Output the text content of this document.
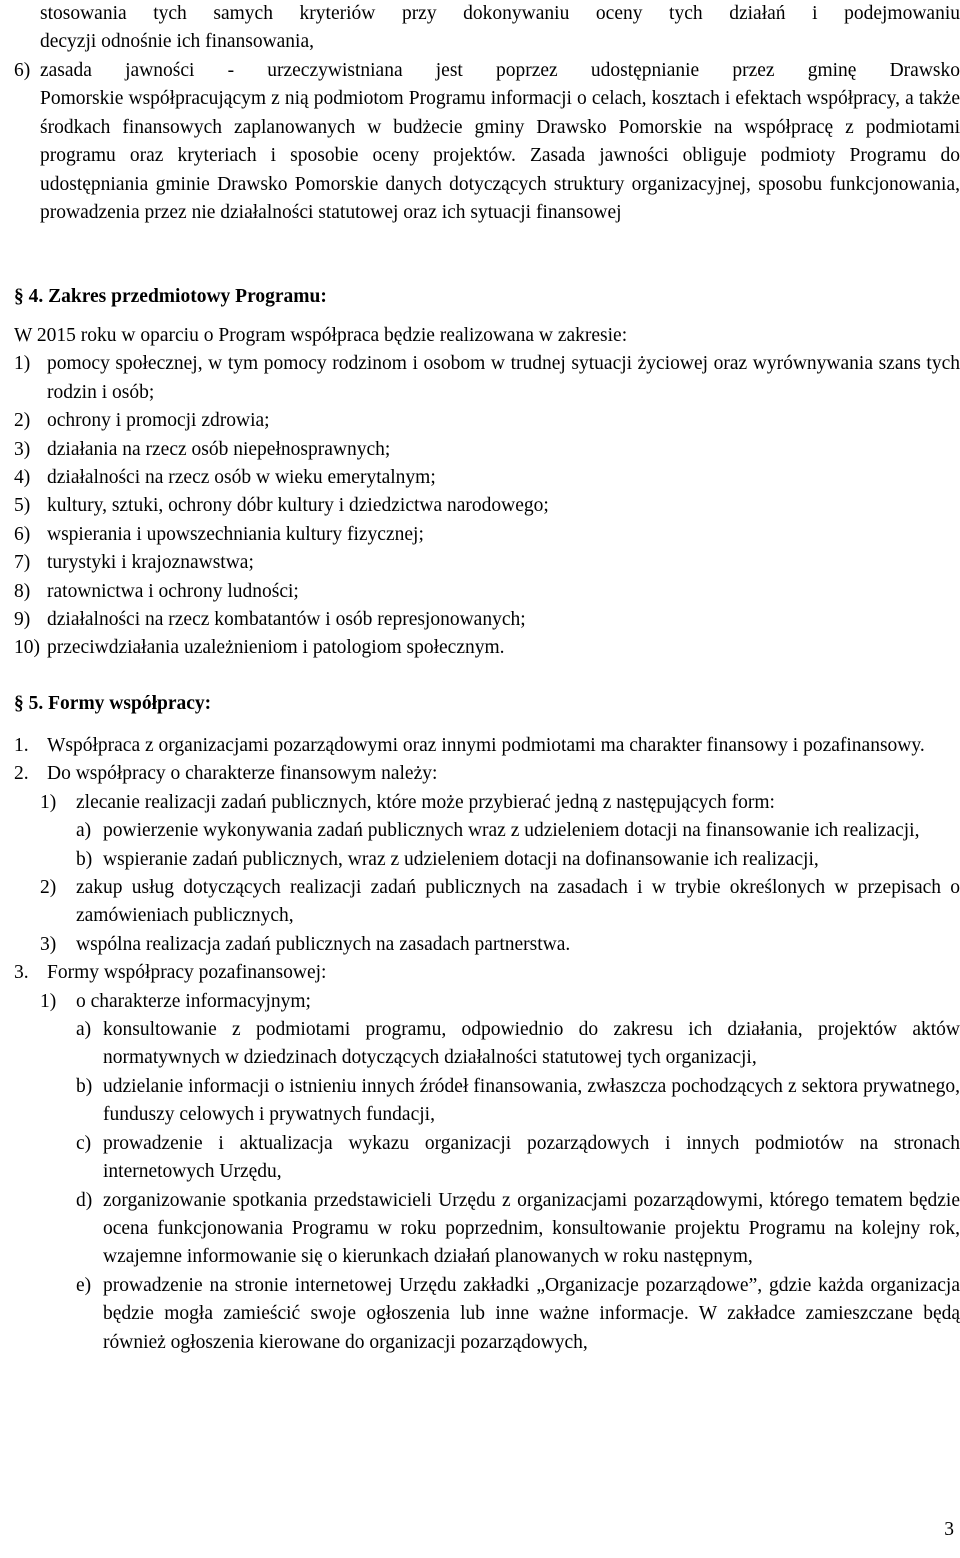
stosowania tych samych kryteriów przy dokonywaniu oceny tych działań i podejmowaniu

decyzji odnośnie ich finansowania,

6) zasada jawności - urzeczywistniana jest poprzez udostępnianie przez gminę Drawsko

Pomorskie współpracującym z nią podmiotom Programu informacji o celach, kosztach i efektach współpracy, a także środkach finansowych zaplanowanych w budżecie gminy Drawsko Pomorskie na współpracę z podmiotami programu oraz kryteriach i sposobie oceny projektów. Zasada jawności obliguje podmioty Programu do udostępniania gminie Drawsko Pomorskie danych dotyczących struktury organizacyjnej, sposobu funkcjonowania, prowadzenia przez nie działalności statutowej oraz ich sytuacji finansowej

§ 4. Zakres przedmiotowy Programu:

W 2015 roku w oparciu o Program współpraca będzie realizowana w zakresie:

1) pomocy społecznej, w tym pomocy rodzinom i osobom w trudnej sytuacji życiowej oraz wyrównywania szans tych rodzin i osób;

2) ochrony i promocji zdrowia;

3) działania na rzecz osób niepełnosprawnych;

4) działalności na rzecz osób w wieku emerytalnym;

5) kultury, sztuki, ochrony dóbr kultury i dziedzictwa narodowego;

6) wspierania i upowszechniania kultury fizycznej;

7) turystyki i krajoznawstwa;

8) ratownictwa i ochrony ludności;

9) działalności na rzecz kombatantów i osób represjonowanych;

10) przeciwdziałania uzależnieniom i patologiom społecznym.

§ 5. Formy współpracy:

1. Współpraca z organizacjami pozarządowymi oraz innymi podmiotami ma charakter finansowy i pozafinansowy.

2. Do współpracy o charakterze finansowym należy:

1)	zlecanie realizacji zadań publicznych, które może przybierać jedną z następujących form:

a) powierzenie wykonywania zadań publicznych wraz z udzieleniem dotacji na finansowanie ich realizacji,

b) wspieranie zadań publicznych, wraz z udzieleniem dotacji na dofinansowanie ich realizacji,

2)	zakup usług dotyczących realizacji zadań publicznych na zasadach i w trybie określonych w przepisach o zamówieniach publicznych,

3)	wspólna realizacja zadań publicznych na zasadach partnerstwa.

3. Formy współpracy pozafinansowej:

1)	o charakterze informacyjnym;

a) konsultowanie z podmiotami programu, odpowiednio do zakresu ich działania, projektów aktów normatywnych w dziedzinach dotyczących działalności statutowej tych organizacji,

b) udzielanie informacji o istnieniu innych źródeł finansowania, zwłaszcza pochodzących z sektora prywatnego, funduszy celowych i prywatnych fundacji,

c) prowadzenie i aktualizacja wykazu organizacji pozarządowych i innych podmiotów na stronach internetowych Urzędu,

d) zorganizowanie spotkania przedstawicieli Urzędu z organizacjami pozarządowymi, którego tematem będzie ocena funkcjonowania Programu w roku poprzednim, konsultowanie projektu Programu na kolejny rok, wzajemne informowanie się o kierunkach działań planowanych w roku następnym,

e) prowadzenie na stronie internetowej Urzędu zakładki „Organizacje pozarządowe”, gdzie każda organizacja będzie mogła zamieścić swoje ogłoszenia lub inne ważne informacje. W zakładce zamieszczane będą również ogłoszenia kierowane do organizacji pozarządowych,

3
